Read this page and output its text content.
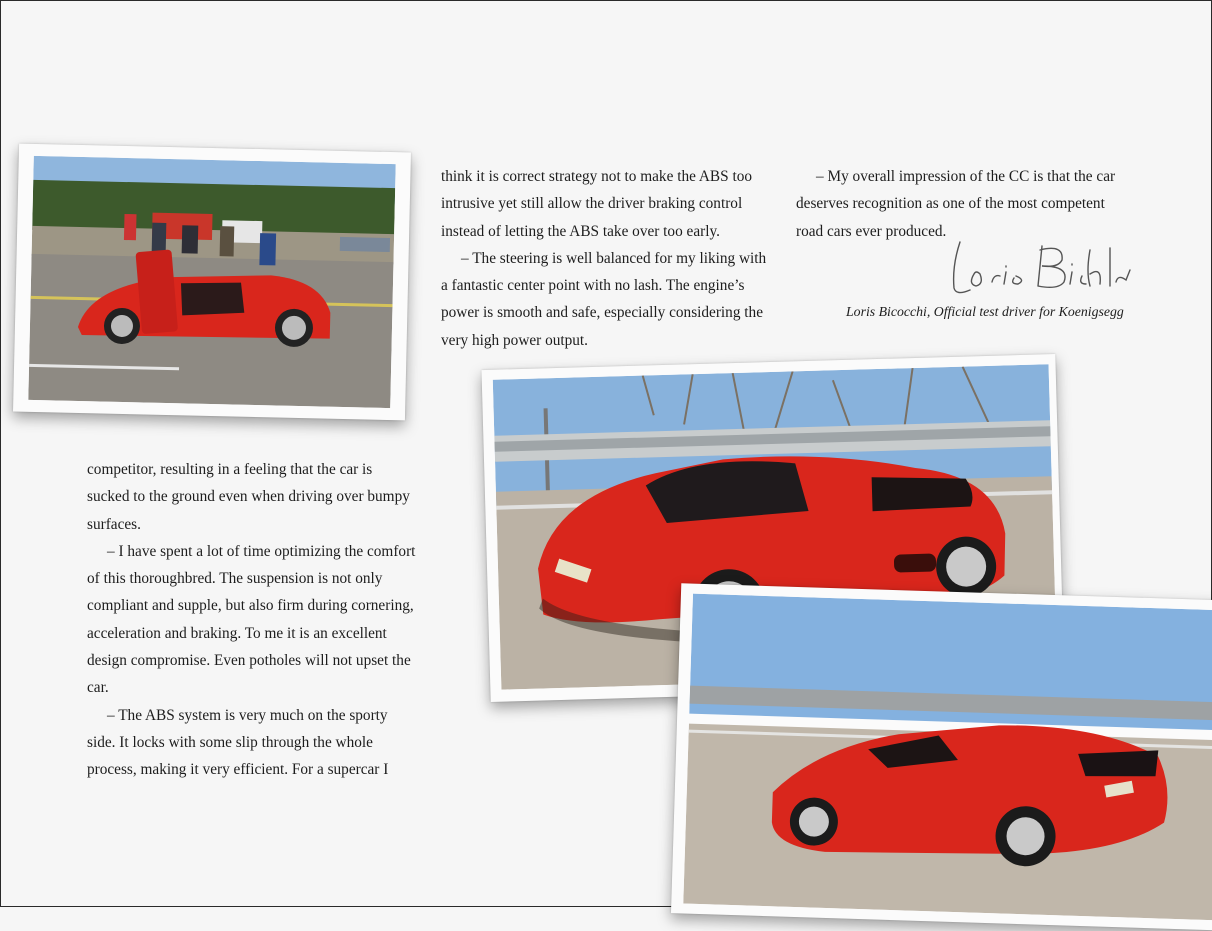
competitor, resulting in a feeling that the car is sucked to the ground even when driving over bumpy surfaces.

– I have spent a lot of time optimizing the comfort of this thoroughbred. The suspension is not only compliant and supple, but also firm during cornering, acceleration and braking. To me it is an excellent design compromise. Even potholes will not upset the car.

– The ABS system is very much on the sporty side. It locks with some slip through the whole process, making it very efficient. For a supercar I

think it is correct strategy not to make the ABS too intrusive yet still allow the driver braking control instead of letting the ABS take over too early.

– The steering is well balanced for my liking with a fantastic center point with no lash. The engine’s power is smooth and safe, especially considering the very high power output.

– My overall impression of the CC is that the car deserves recognition as one of the most competent road cars ever produced.

Loris Bicocchi, Official test driver for Koenigsegg
